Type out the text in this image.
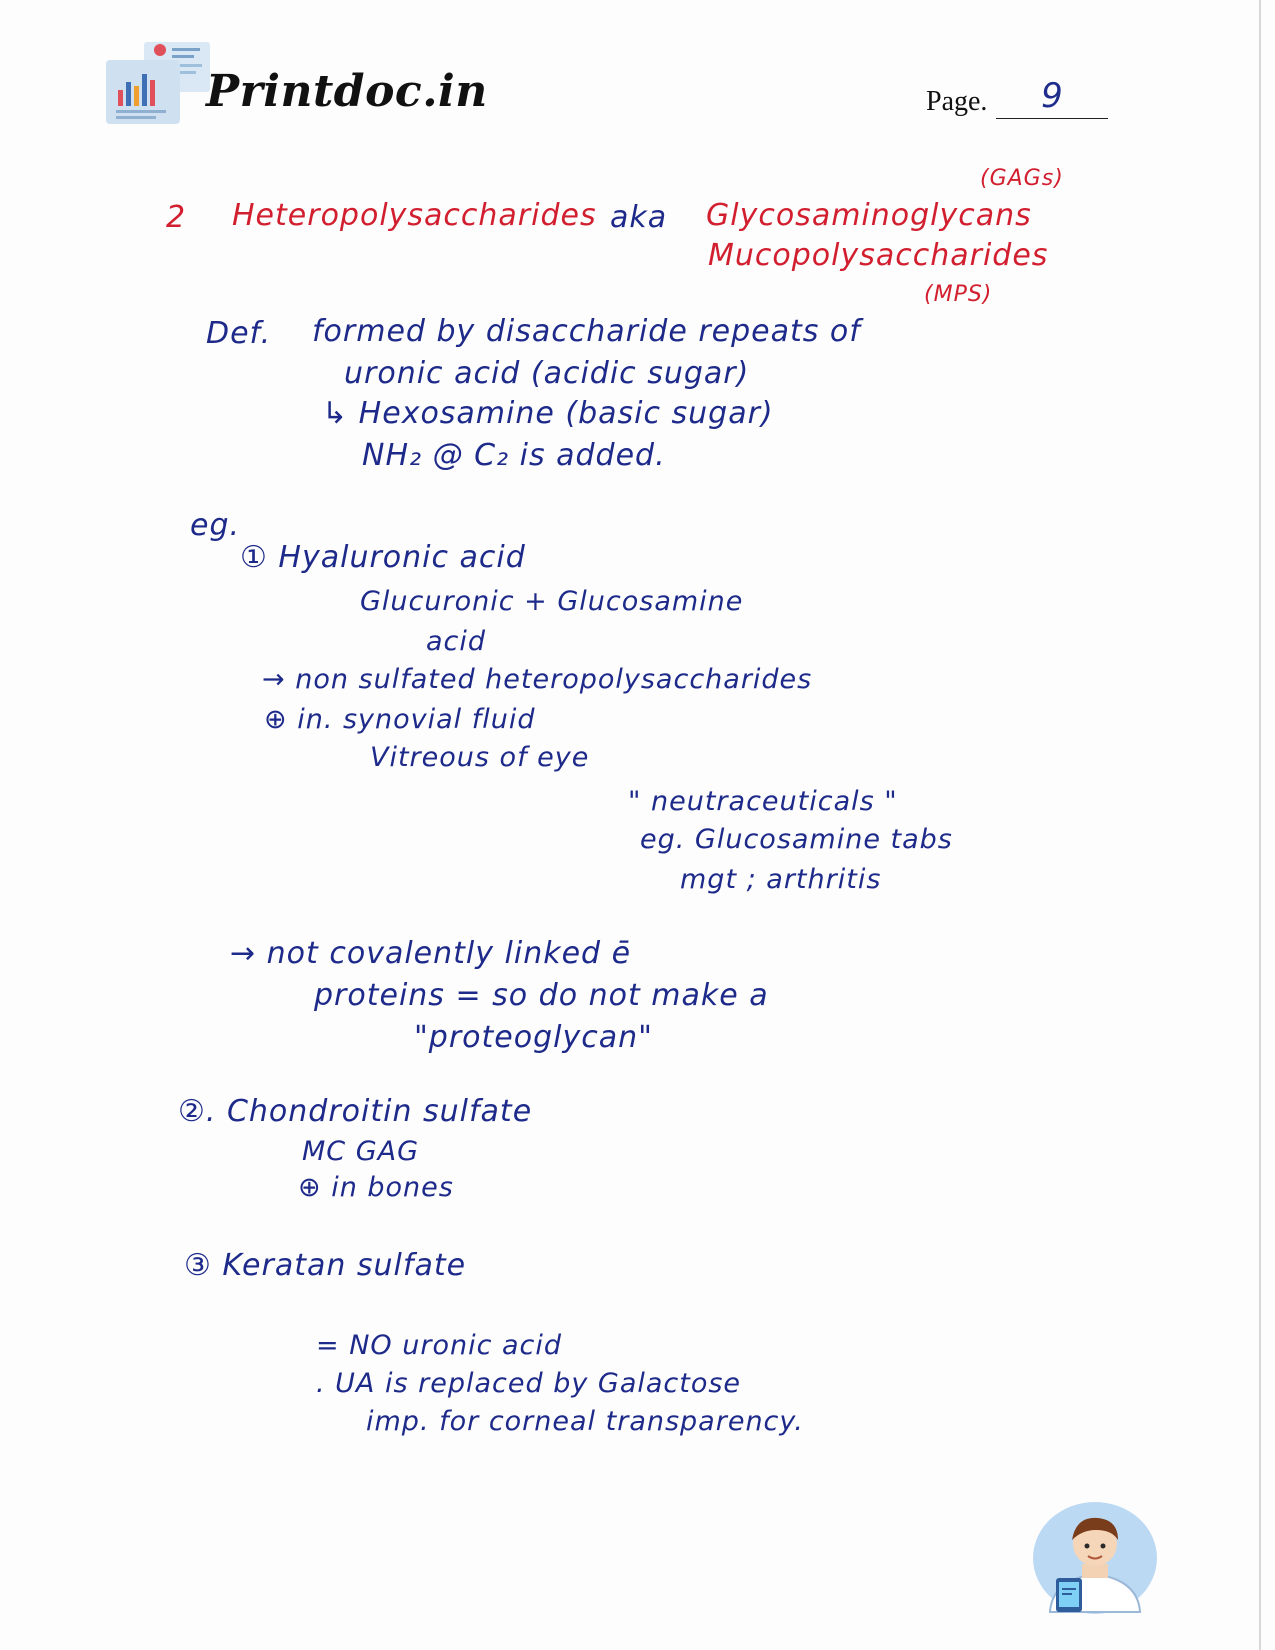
Printdoc.in	Page.	9
(GAGs)
2 Heteropolysaccharides aka Glycosaminoglycans
Mucopolysaccharides
(MPS)
Def. formed by disaccharide repeats of
uronic acid (acidic sugar)
↳ Hexosamine (basic sugar)
NH₂ @ C₂ is added.
eg.
① Hyaluronic acid
Glucuronic + Glucosamine
acid
→ non sulfated heteropolysaccharides
⊕ in. synovial fluid
Vitreous of eye
" neutraceuticals "
eg. Glucosamine tabs
mgt ; arthritis
→ not covalently linked ē
proteins = so do not make a
"proteoglycan"
②. Chondroitin sulfate
MC GAG
⊕ in bones
③ Keratan sulfate
= NO uronic acid
. UA is replaced by Galactose
imp. for corneal transparency.
